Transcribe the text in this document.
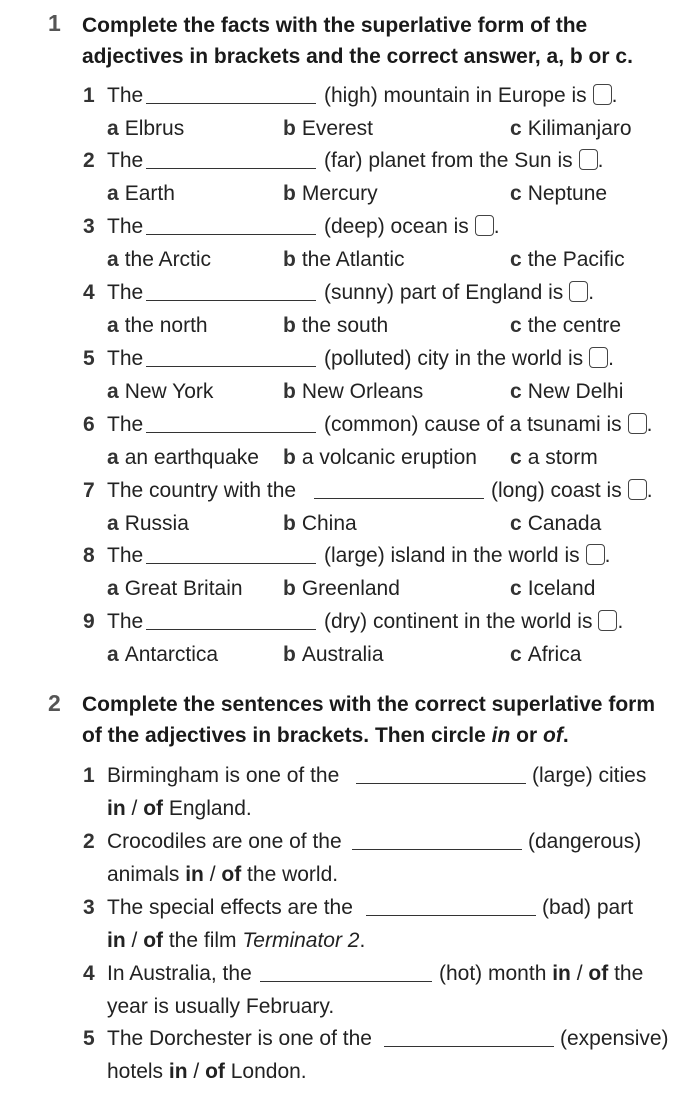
1 Complete the facts with the superlative form of the adjectives in brackets and the correct answer, a, b or c.
1 The	(high) mountain in Europe is .
a Elbrus	b Everest	c Kilimanjaro
2 The	(far) planet from the Sun is .
a Earth	b Mercury	c Neptune
3 The	(deep) ocean is .
a the Arctic	b the Atlantic	c the Pacific
4 The	(sunny) part of England is .
a the north	b the south	c the centre
5 The	(polluted) city in the world is .
a New York	b New Orleans	c New Delhi
6 The	(common) cause of a tsunami is .
a an earthquake b a volcanic eruption c a storm
7 The country with the	(long) coast is .
a Russia	b China	c Canada
8 The	(large) island in the world is .
a Great Britain b Greenland	c Iceland
9 The	(dry) continent in the world is .
a Antarctica	b Australia	c Africa
2 Complete the sentences with the correct superlative form of the adjectives in brackets. Then circle in or of.
1 Birmingham is one of the	(large) cities
in / of England.
2 Crocodiles are one of the	(dangerous)
animals in / of the world.
3 The special effects are the	(bad) part
in / of the film Terminator 2.
4 In Australia, the	(hot) month in / of the
year is usually February.
5 The Dorchester is one of the	(expensive)
hotels in / of London.
